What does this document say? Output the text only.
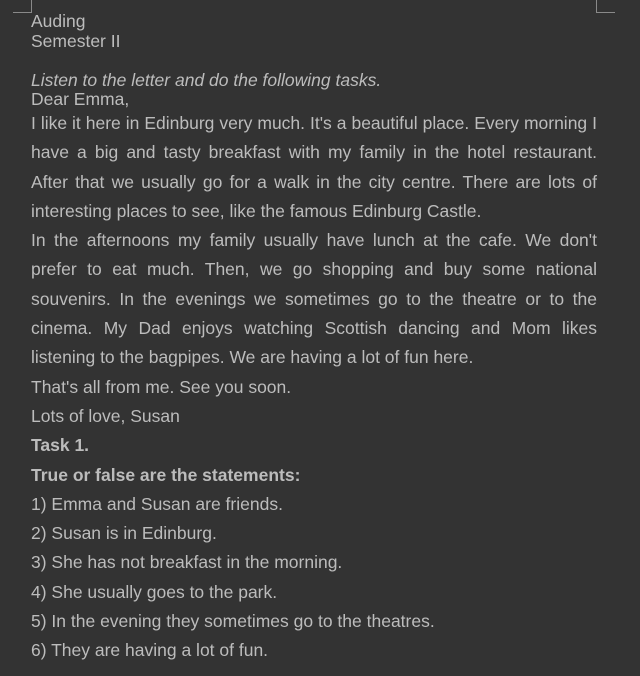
Auding
Semester II
Listen to the letter and do the following tasks.
Dear Emma,

I like it here in Edinburg very much. It's a beautiful place. Every morning I have a big and tasty breakfast with my family in the hotel restaurant. After that we usually go for a walk in the city centre. There are lots of interesting places to see, like the famous Edinburg Castle.

In the afternoons my family usually have lunch at the cafe. We don't prefer to eat much. Then, we go shopping and buy some national souvenirs. In the evenings we sometimes go to the theatre or to the cinema. My Dad enjoys watching Scottish dancing and Mom likes listening to the bagpipes. We are having a lot of fun here.

That's all from me. See you soon.
Lots of love, Susan
Task 1.
True or false are the statements:
1) Emma and Susan are friends.
2) Susan is in Edinburg.
3) She has not breakfast in the morning.
4) She usually goes to the park.
5) In the evening they sometimes go to the theatres.
6) They are having a lot of fun.
